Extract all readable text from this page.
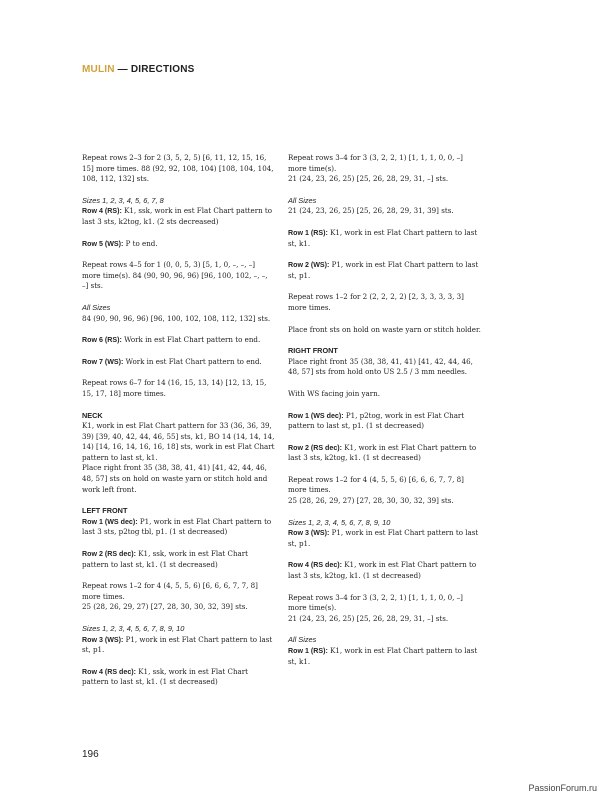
MULIN — DIRECTIONS

Repeat rows 2–3 for 2 (3, 5, 2, 5) [6, 11, 12, 15, 16, 15] more times. 88 (92, 92, 108, 104) [108, 104, 104, 108, 112, 132] sts.

Sizes 1, 2, 3, 4, 5, 6, 7, 8

Row 4 (RS): K1, ssk, work in est Flat Chart pattern to last 3 sts, k2tog, k1. (2 sts decreased)

Row 5 (WS): P to end.

Repeat rows 4–5 for 1 (0, 0, 5, 3) [5, 1, 0, –, –, –] more time(s). 84 (90, 90, 96, 96) [96, 100, 102, –, –, –] sts.

All Sizes

84 (90, 90, 96, 96) [96, 100, 102, 108, 112, 132] sts.

Row 6 (RS): Work in est Flat Chart pattern to end.

Row 7 (WS): Work in est Flat Chart pattern to end.

Repeat rows 6–7 for 14 (16, 15, 13, 14) [12, 13, 15, 15, 17, 18] more times.

NECK

K1, work in est Flat Chart pattern for 33 (36, 36, 39, 39) [39, 40, 42, 44, 46, 55] sts, k1, BO 14 (14, 14, 14, 14) [14, 16, 14, 16, 16, 18] sts, work in est Flat Chart pattern to last st, k1.

Place right front 35 (38, 38, 41, 41) [41, 42, 44, 46, 48, 57] sts on hold on waste yarn or stitch hold and work left front.

LEFT FRONT

Row 1 (WS dec): P1, work in est Flat Chart pattern to last 3 sts, p2tog tbl, p1. (1 st decreased)

Row 2 (RS dec): K1, ssk, work in est Flat Chart pattern to last st, k1. (1 st decreased)

Repeat rows 1–2 for 4 (4, 5, 5, 6) [6, 6, 6, 7, 7, 8] more times.

25 (28, 26, 29, 27) [27, 28, 30, 30, 32, 39] sts.

Sizes 1, 2, 3, 4, 5, 6, 7, 8, 9, 10

Row 3 (WS): P1, work in est Flat Chart pattern to last st, p1.

Row 4 (RS dec): K1, ssk, work in est Flat Chart pattern to last st, k1. (1 st decreased)

Repeat rows 3–4 for 3 (3, 2, 2, 1) [1, 1, 1, 0, 0, –] more time(s).

21 (24, 23, 26, 25) [25, 26, 28, 29, 31, –] sts.

All Sizes

21 (24, 23, 26, 25) [25, 26, 28, 29, 31, 39] sts.

Row 1 (RS): K1, work in est Flat Chart pattern to last st, k1.

Row 2 (WS): P1, work in est Flat Chart pattern to last st, p1.

Repeat rows 1–2 for 2 (2, 2, 2, 2) [2, 3, 3, 3, 3, 3] more times.

Place front sts on hold on waste yarn or stitch holder.

RIGHT FRONT

Place right front 35 (38, 38, 41, 41) [41, 42, 44, 46, 48, 57] sts from hold onto US 2.5 / 3 mm needles.

With WS facing join yarn.

Row 1 (WS dec): P1, p2tog, work in est Flat Chart pattern to last st, p1. (1 st decreased)

Row 2 (RS dec): K1, work in est Flat Chart pattern to last 3 sts, k2tog, k1. (1 st decreased)

Repeat rows 1–2 for 4 (4, 5, 5, 6) [6, 6, 6, 7, 7, 8] more times.

25 (28, 26, 29, 27) [27, 28, 30, 30, 32, 39] sts.

Sizes 1, 2, 3, 4, 5, 6, 7, 8, 9, 10

Row 3 (WS): P1, work in est Flat Chart pattern to last st, p1.

Row 4 (RS dec): K1, work in est Flat Chart pattern to last 3 sts, k2tog, k1. (1 st decreased)

Repeat rows 3–4 for 3 (3, 2, 2, 1) [1, 1, 1, 0, 0, –] more time(s).

21 (24, 23, 26, 25) [25, 26, 28, 29, 31, –] sts.

All Sizes

Row 1 (RS): K1, work in est Flat Chart pattern to last st, k1.

196
PassionForum.ru
